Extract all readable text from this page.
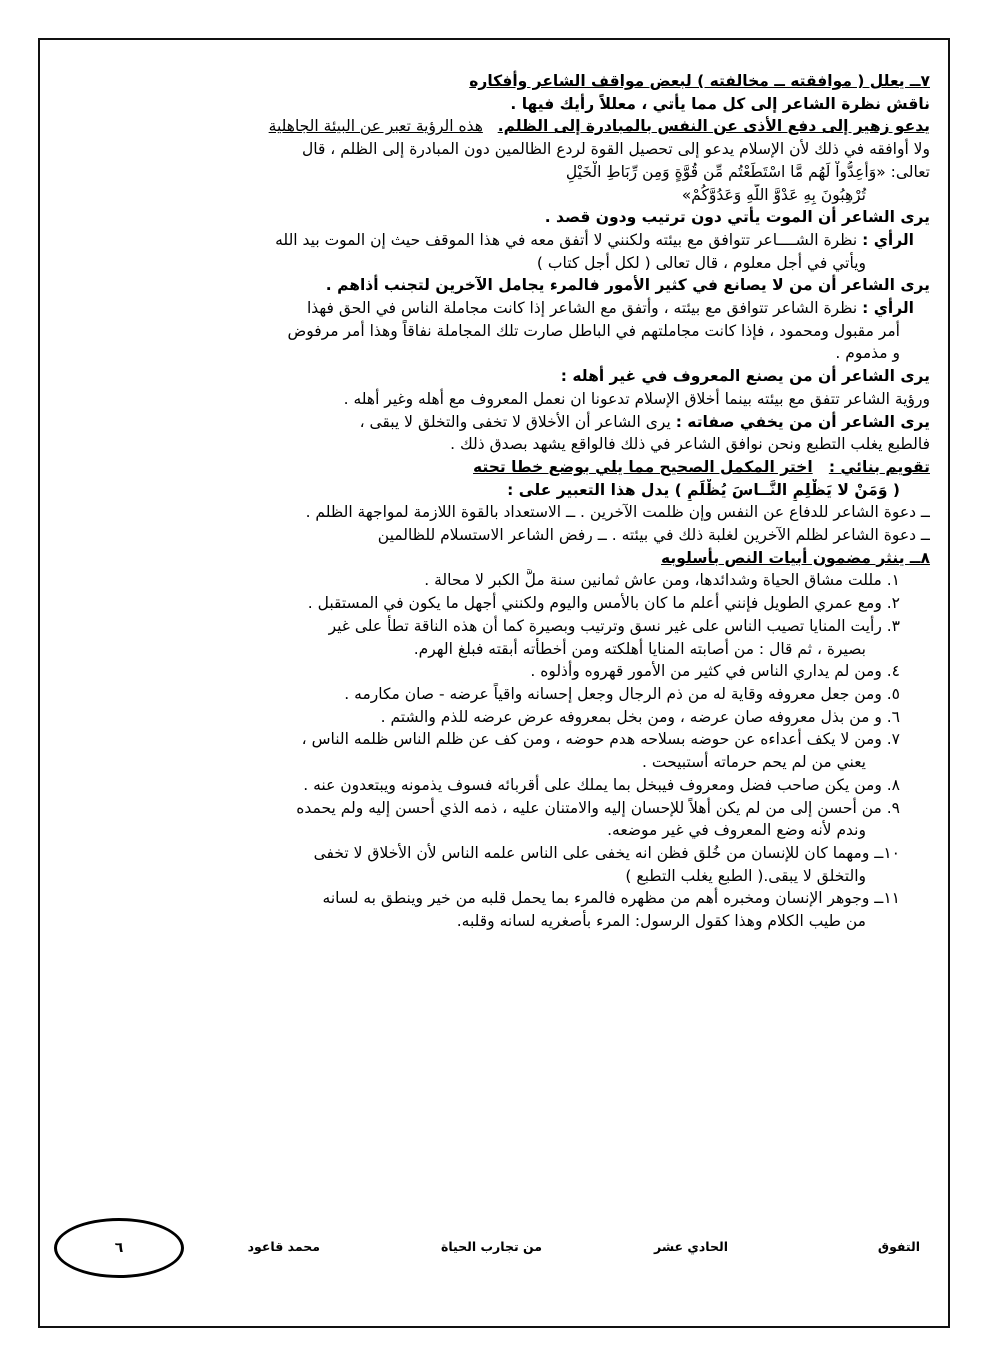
٧ــ يعلل ( موافقته ــ مخالفته ) لبعض مواقف الشاعر وأفكاره
ناقش نظرة الشاعر إلى كل مما يأتي ، معللاً رأيك فيها .
يدعو زهير إلى دفع الأذى عن النفس بالمبادرة إلى الظلم.   هذه الرؤية تعبر عن البيئة الجاهلية
ولا أوافقه في ذلك لأن الإسلام يدعو إلى تحصيل القوة لردع الظالمين دون المبادرة إلى الظلم ، قال
تعالى: «وَأَعِدُّواْ لَهُم مَّا اسْتَطَعْتُم مِّن قُوَّةٍ وَمِن رِّبَاطِ الْخَيْلِ
تُرْهِبُونَ بِهِ عَدْوَّ اللّهِ وَعَدُوَّكُمْ»
يرى الشاعر أن الموت يأتي دون ترتيب ودون قصد .
الرأي : نظرة الشــــاعر تتوافق مع بيئته ولكنني لا أتفق معه في هذا الموقف حيث إن الموت بيد الله
ويأتي في أجل معلوم ، قال تعالى ( لكل أجل كتاب )
يرى الشاعر أن من لا يصانع في كثير الأمور فالمرء يجامل الآخرين لتجنب أذاهم .
الرأي : نظرة الشاعر تتوافق مع بيئته ، وأتفق مع الشاعر إذا كانت مجاملة الناس في الحق فهذا
أمر مقبول ومحمود ، فإذا كانت مجاملتهم في الباطل صارت تلك المجاملة نفاقاً وهذا أمر مرفوض
و مذموم .
يرى الشاعر أن من يصنع المعروف في غير أهله :
ورؤية الشاعر تتفق مع بيئته بينما أخلاق الإسلام تدعونا ان نعمل المعروف مع أهله وغير أهله .
يرى الشاعر أن من يخفي صفاته : يرى الشاعر أن الأخلاق لا تخفى والتخلق لا يبقى ،
فالطبع يغلب التطبع ونحن نوافق الشاعر في ذلك فالواقع يشهد بصدق ذلك .
تقويم بنائي :   اختر المكمل الصحيح مما يلي بوضع خطا تحته
( وَمَنْ لا يَظْلِمِ النَّــاسَ يُظْلَمِ ) يدل هذا التعبير على :
ــ دعوة الشاعر للدفاع عن النفس وإن ظلمت الآخرين . ــ الاستعداد بالقوة اللازمة لمواجهة الظلم .
ــ دعوة الشاعر لظلم الآخرين لغلبة ذلك في بيئته . ــ رفض الشاعر الاستسلام للظالمين
٨ــ ينثر مضمون أبيات النص بأسلوبه
١. مللت مشاق الحياة وشدائدها، ومن عاش ثمانين سنة ملَّ الكبر لا محالة .
٢. ومع عمري الطويل فإنني أعلم ما كان بالأمس واليوم ولكنني أجهل ما يكون في المستقبل .
٣. رأيت المنايا تصيب الناس على غير نسق وترتيب وبصيرة كما أن هذه الناقة تطأ على غير
بصيرة ، ثم قال : من أصابته المنايا أهلكته ومن أخطأته أبقته فبلغ الهرم.
٤. ومن لم يداري الناس في كثير من الأمور قهروه وأذلوه .
٥. ومن جعل معروفه وقاية له من ذم الرجال وجعل إحسانه واقياً عرضه - صان مكارمه .
٦. و من بذل معروفه صان عرضه ، ومن بخل بمعروفه عرض عرضه للذم والشتم .
٧. ومن لا يكف أعداءه عن حوضه بسلاحه هدم حوضه ، ومن كف عن ظلم الناس ظلمه الناس ،
يعني من لم يحم حرماته أُستبيحت .
٨. ومن يكن صاحب فضل ومعروف فيبخل بما يملك على أقربائه فسوف يذمونه ويبتعدون عنه .
٩. من أحسن إلى من لم يكن أهلاً للإحسان إليه والامتنان عليه ، ذمه الذي أحسن إليه ولم يحمده
وندم لأنه وضع المعروف في غير موضعه.
١٠ــ ومهما كان للإنسان من خُلق فظن انه يخفى على الناس علمه الناس لأن الأخلاق لا تخفى
والتخلق لا يبقى.( الطبع يغلب التطبع )
١١ــ وجوهر الإنسان ومخبره أهم من مظهره فالمرء بما يحمل قلبه من خير وينطق به لسانه
من طيب الكلام وهذا كقول الرسول: المرء بأصغريه لسانه وقلبه.
التفوق
الحادي عشر
من تجارب الحياة
محمد قاعود
٦
